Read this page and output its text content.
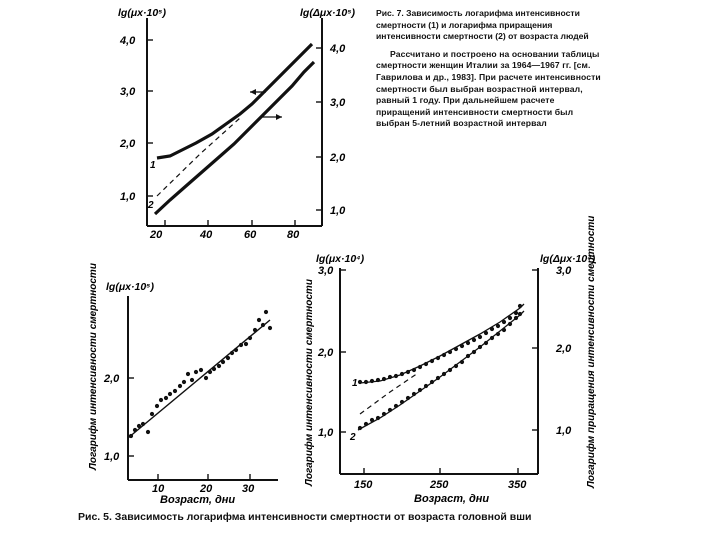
4,0
3,0
2,0
1,0
4,0
3,0
2,0
1,0
20	40	60	80
lg(μx·10⁵)	lg(Δμx·10⁵)
1
2
Рис. 7. Зависимость логарифма интенсивности смертности (1) и логарифма приращения интенсивности смертности (2) от возраста людей
Рассчитано и построено на основании таблицы смертности женщин Италии за 1964—1967 гг. [см. Гаврилова и др., 1983]. При расчете интенсивности смертности был выбран возрастной интервал, равный 1 году. При дальнейшем расчете приращений интенсивности смертности был выбран 5-летний возрастной интервал
2,0
1,0
10	20	30
Возраст, дни
lg(μx·10⁵)
Логарифм интенсивности смертности	3,0
2,0
1,0
3,0
2,0
1,0
150	250	350
Возраст, дни
lg(μx·10⁴)	lg(Δμx·10⁴)
Логарифм интенсивности смертности	Логарифм приращения интенсивности смертности
1
2
Рис. 5. Зависимость логарифма интенсивности смертности от возраста головной вши
